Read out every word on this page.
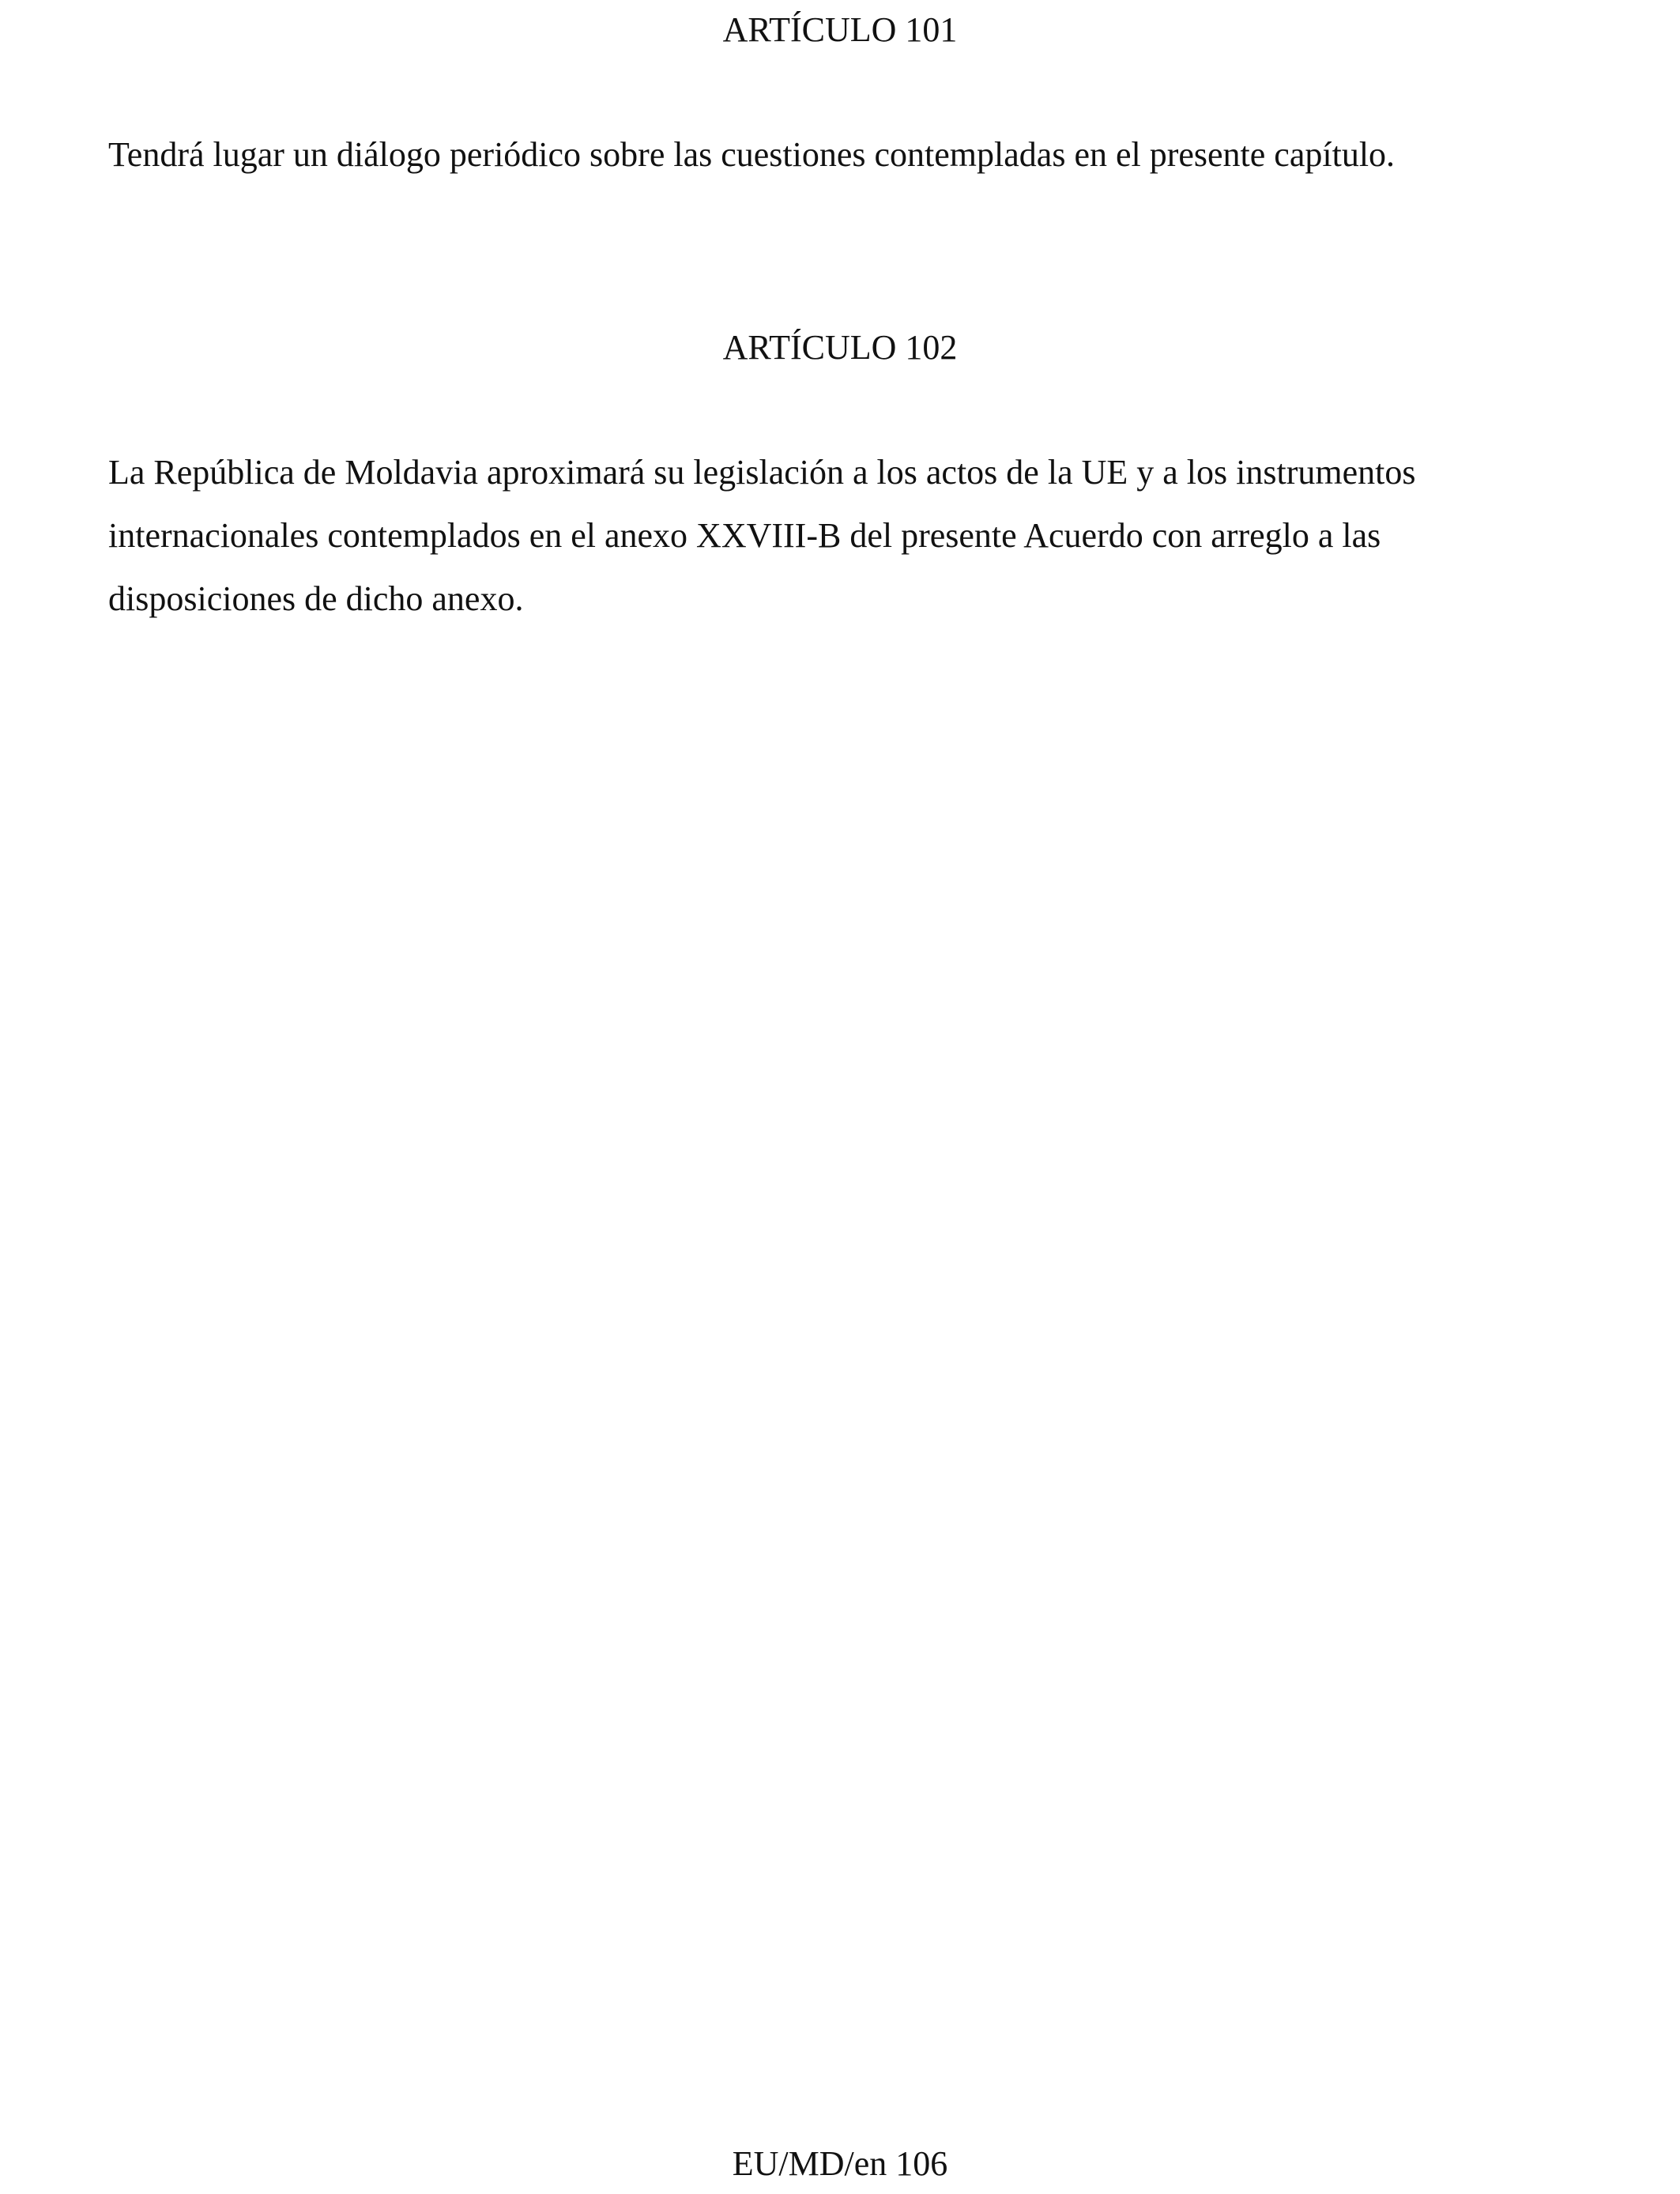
ARTÍCULO 101

Tendrá lugar un diálogo periódico sobre las cuestiones contempladas en el presente capítulo.

ARTÍCULO 102

La República de Moldavia aproximará su legislación a los actos de la UE y a los instrumentos
internacionales contemplados en el anexo XXVIII-B del presente Acuerdo con arreglo a las
disposiciones de dicho anexo.

EU/MD/en 106
